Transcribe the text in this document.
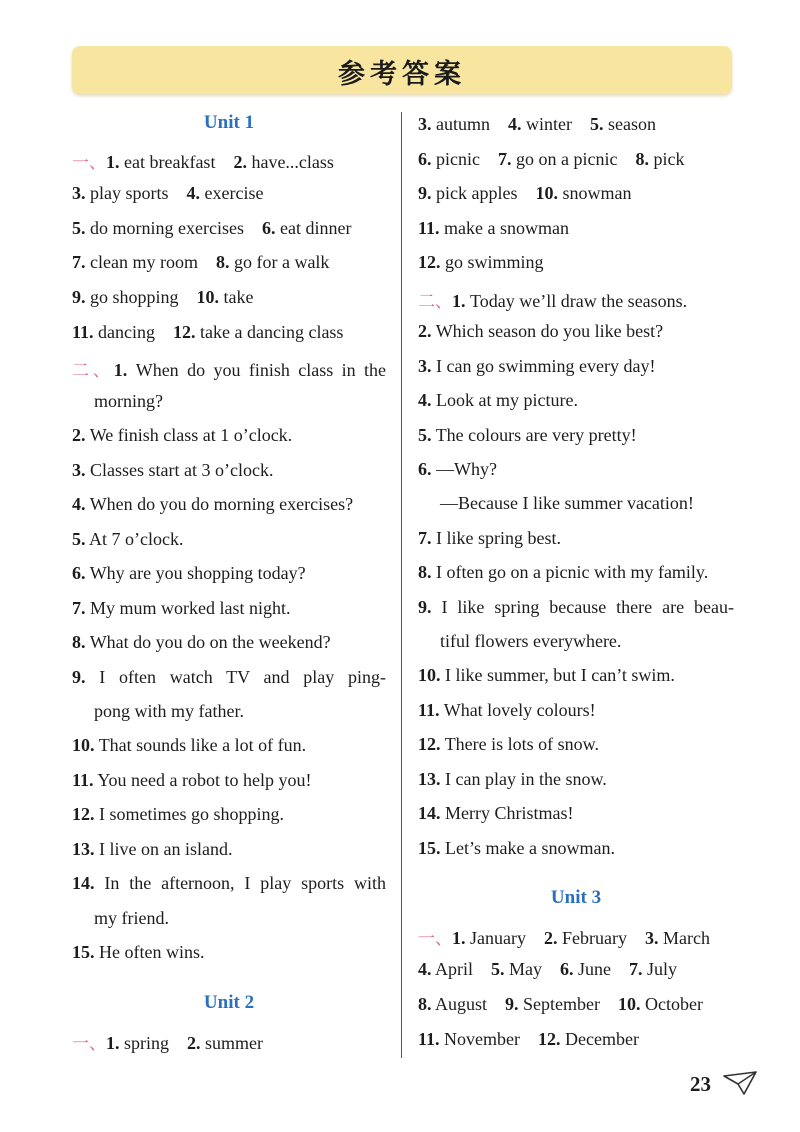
参考答案
Unit 1
一、1. eat breakfast 2. have...class
3. play sports 4. exercise
5. do morning exercises 6. eat dinner
7. clean my room 8. go for a walk
9. go shopping 10. take
11. dancing 12. take a dancing class
二、1. When do you finish class in the
morning?
2. We finish class at 1 o’clock.
3. Classes start at 3 o’clock.
4. When do you do morning exercises?
5. At 7 o’clock.
6. Why are you shopping today?
7. My mum worked last night.
8. What do you do on the weekend?
9. I often watch TV and play ping-
pong with my father.
10. That sounds like a lot of fun.
11. You need a robot to help you!
12. I sometimes go shopping.
13. I live on an island.
14. In the afternoon, I play sports with
my friend.
15. He often wins.
Unit 2
一、1. spring 2. summer
3. autumn 4. winter 5. season
6. picnic 7. go on a picnic 8. pick
9. pick apples 10. snowman
11. make a snowman
12. go swimming
二、1. Today we’ll draw the seasons.
2. Which season do you like best?
3. I can go swimming every day!
4. Look at my picture.
5. The colours are very pretty!
6. —Why?
—Because I like summer vacation!
7. I like spring best.
8. I often go on a picnic with my family.
9. I like spring because there are beau-
tiful flowers everywhere.
10. I like summer, but I can’t swim.
11. What lovely colours!
12. There is lots of snow.
13. I can play in the snow.
14. Merry Christmas!
15. Let’s make a snowman.
Unit 3
一、1. January 2. February 3. March
4. April 5. May 6. June 7. July
8. August 9. September 10. October
11. November 12. December
23
